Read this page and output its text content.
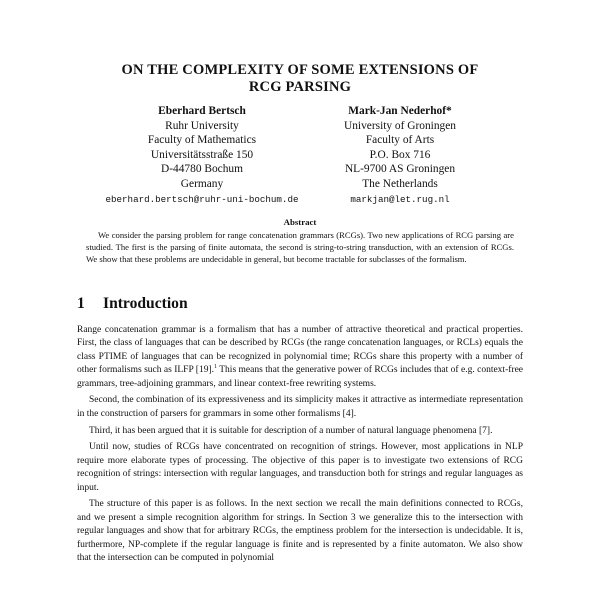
ON THE COMPLEXITY OF SOME EXTENSIONS OF
RCG PARSING
Eberhard Bertsch
Ruhr University
Faculty of Mathematics
Universitätsstraße 150
D-44780 Bochum
Germany
eberhard.bertsch@ruhr-uni-bochum.de
Mark-Jan Nederhof*
University of Groningen
Faculty of Arts
P.O. Box 716
NL-9700 AS Groningen
The Netherlands
markjan@let.rug.nl
Abstract
We consider the parsing problem for range concatenation grammars (RCGs). Two new applications of RCG parsing are studied. The first is the parsing of finite automata, the second is string-to-string transduction, with an extension of RCGs. We show that these problems are undecidable in general, but become tractable for subclasses of the formalism.
1 Introduction

Range concatenation grammar is a formalism that has a number of attractive theoretical and practical properties. First, the class of languages that can be described by RCGs (the range concatenation languages, or RCLs) equals the class PTIME of languages that can be recognized in polynomial time; RCGs share this property with a number of other formalisms such as ILFP [19].$^1$ This means that the generative power of RCGs includes that of e.g. context-free grammars, tree-adjoining grammars, and linear context-free rewriting systems.

Second, the combination of its expressiveness and its simplicity makes it attractive as intermediate representation in the construction of parsers for grammars in some other formalisms [4].

Third, it has been argued that it is suitable for description of a number of natural language phenomena [7].

Until now, studies of RCGs have concentrated on recognition of strings. However, most applications in NLP require more elaborate types of processing. The objective of this paper is to investigate two extensions of RCG recognition of strings: intersection with regular languages, and transduction both for strings and regular languages as input.

The structure of this paper is as follows. In the next section we recall the main definitions connected to RCGs, and we present a simple recognition algorithm for strings. In Section 3 we generalize this to the intersection with regular languages and show that for arbitrary RCGs, the emptiness problem for the intersection is undecidable. It is, furthermore, NP-complete if the regular language is finite and is represented by a finite automaton. We also show that the intersection can be computed in polynomial
